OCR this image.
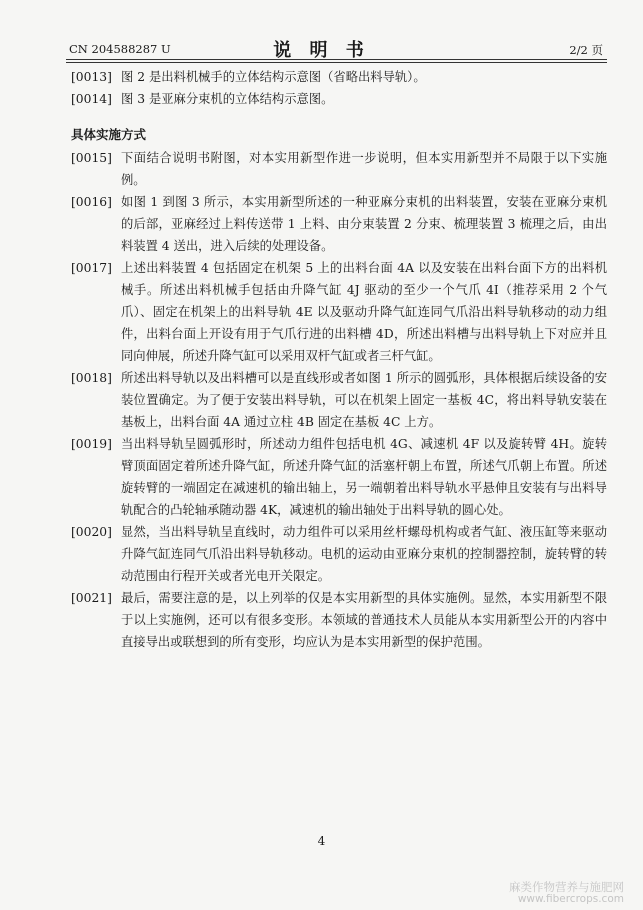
CN 204588287 U	说 明 书	2/2 页

[0013] 图 2 是出料机械手的立体结构示意图（省略出料导轨）。

[0014] 图 3 是亚麻分束机的立体结构示意图。

具体实施方式

[0015] 下面结合说明书附图，对本实用新型作进一步说明，但本实用新型并不局限于以下实施例。

[0016] 如图 1 到图 3 所示，本实用新型所述的一种亚麻分束机的出料装置，安装在亚麻分束机的后部，亚麻经过上料传送带 1 上料、由分束装置 2 分束、梳理装置 3 梳理之后，由出料装置 4 送出，进入后续的处理设备。

[0017] 上述出料装置 4 包括固定在机架 5 上的出料台面 4A 以及安装在出料台面下方的出料机械手。所述出料机械手包括由升降气缸 4J 驱动的至少一个气爪 4I（推荐采用 2 个气爪）、固定在机架上的出料导轨 4E 以及驱动升降气缸连同气爪沿出料导轨移动的动力组件，出料台面上开设有用于气爪行进的出料槽 4D，所述出料槽与出料导轨上下对应并且同向伸展，所述升降气缸可以采用双杆气缸或者三杆气缸。

[0018] 所述出料导轨以及出料槽可以是直线形或者如图 1 所示的圆弧形，具体根据后续设备的安装位置确定。为了便于安装出料导轨，可以在机架上固定一基板 4C，将出料导轨安装在基板上，出料台面 4A 通过立柱 4B 固定在基板 4C 上方。

[0019] 当出料导轨呈圆弧形时，所述动力组件包括电机 4G、减速机 4F 以及旋转臂 4H。旋转臂顶面固定着所述升降气缸，所述升降气缸的活塞杆朝上布置，所述气爪朝上布置。所述旋转臂的一端固定在减速机的输出轴上，另一端朝着出料导轨水平悬伸且安装有与出料导轨配合的凸轮轴承随动器 4K，减速机的输出轴处于出料导轨的圆心处。

[0020] 显然，当出料导轨呈直线时，动力组件可以采用丝杆螺母机构或者气缸、液压缸等来驱动升降气缸连同气爪沿出料导轨移动。电机的运动由亚麻分束机的控制器控制，旋转臂的转动范围由行程开关或者光电开关限定。

[0021] 最后，需要注意的是，以上列举的仅是本实用新型的具体实施例。显然，本实用新型不限于以上实施例，还可以有很多变形。本领域的普通技术人员能从本实用新型公开的内容中直接导出或联想到的所有变形，均应认为是本实用新型的保护范围。

4
麻类作物营养与施肥网
www.fibercrops.com
